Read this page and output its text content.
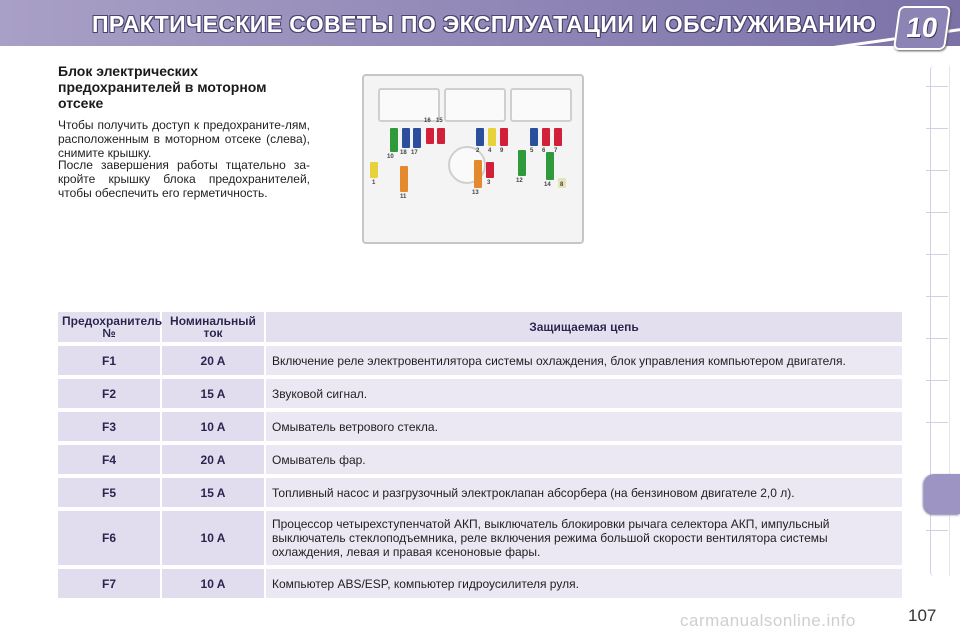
ПРАКТИЧЕСКИЕ СОВЕТЫ ПО ЭКСПЛУАТАЦИИ И ОБСЛУЖИВАНИЮ 10
Блок электрических предохранителей в моторном отсеке
Чтобы получить доступ к предохраните-лям, расположенным в моторном отсеке (слева), снимите крышку.
После завершения работы тщательно за-кройте крышку блока предохранителей, чтобы обеспечить его герметичность.
16 15
10
18 17	2 4 9	5 6 7
1
11
13
3	12
14 8
Предохранитель №	Номинальный ток	Защищаемая цепь
F1	20 A	Включение реле электровентилятора системы охлаждения, блок управления компьютером двигателя.
F2	15 A	Звуковой сигнал.
F3	10 A	Омыватель ветрового стекла.
F4	20 A	Омыватель фар.
F5	15 A	Топливный насос и разгрузочный электроклапан абсорбера (на бензиновом двигателе 2,0 л).
F6	10 A	Процессор четырехступенчатой АКП, выключатель блокировки рычага селектора АКП, импульсный выключатель стеклоподъемника, реле включения режима большой скорости вентилятора системы охлаждения, левая и правая ксеноновые фары.
F7	10 A	Компьютер ABS/ESP, компьютер гидроусилителя руля.
carmanualsonline.info	107
